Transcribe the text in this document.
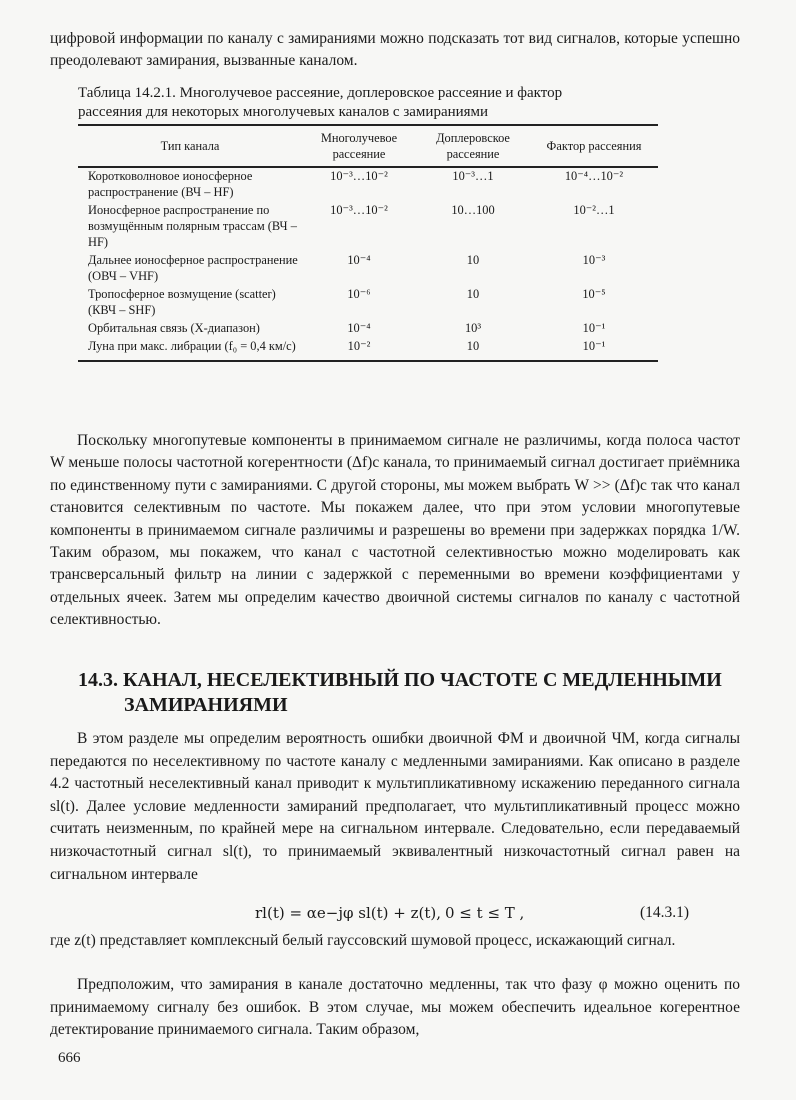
цифровой информации по каналу с замираниями можно подсказать тот вид сигналов, которые успешно преодолевают замирания, вызванные каналом.

Таблица 14.2.1. Многолучевое рассеяние, доплеровское рассеяние и фактор
рассеяния для некоторых многолучевых каналов с замираниями

Тип канала	Многолучевое рассеяние	Доплеровское рассеяние	Фактор рассеяния
Коротковолновое ионосферное распространение (ВЧ – HF)	10⁻³…10⁻²	10⁻³…1	10⁻⁴…10⁻²
Ионосферное распространение по возмущённым полярным трассам (ВЧ – HF)	10⁻³…10⁻²	10…100	10⁻²…1
Дальнее ионосферное распространение (ОВЧ – VHF)	10⁻⁴	10	10⁻³
Тропосферное возмущение (scatter) (КВЧ – SHF)	10⁻⁶	10	10⁻⁵
Орбитальная связь (X-диапазон)	10⁻⁴	10³	10⁻¹
Луна при макс. либрации (f₀ = 0,4 км/с)	10⁻²	10	10⁻¹

Поскольку многопутевые компоненты в принимаемом сигнале не различимы, когда полоса частот W меньше полосы частотной когерентности (Δf)c канала, то принимаемый сигнал достигает приёмника по единственному пути с замираниями. С другой стороны, мы можем выбрать W >> (Δf)c так что канал становится селективным по частоте. Мы покажем далее, что при этом условии многопутевые компоненты в принимаемом сигнале различимы и разрешены во времени при задержках порядка 1/W. Таким образом, мы покажем, что канал с частотной селективностью можно моделировать как трансверсальный фильтр на линии с задержкой с переменными во времени коэффициентами у отдельных ячеек. Затем мы определим качество двоичной системы сигналов по каналу с частотной селективностью.

14.3. КАНАЛ, НЕСЕЛЕКТИВНЫЙ ПО ЧАСТОТЕ С МЕДЛЕННЫМИ
ЗАМИРАНИЯМИ

В этом разделе мы определим вероятность ошибки двоичной ФМ и двоичной ЧМ, когда сигналы передаются по неселективному по частоте каналу с медленными замираниями. Как описано в разделе 4.2 частотный неселективный канал приводит к мультипликативному искажению переданного сигнала sl(t). Далее условие медленности замираний предполагает, что мультипликативный процесс можно считать неизменным, по крайней мере на сигнальном интервале. Следовательно, если передаваемый низкочастотный сигнал sl(t), то принимаемый эквивалентный низкочастотный сигнал равен на сигнальном интервале

rl(t) = αe−jφ sl(t) + z(t), 0 ≤ t ≤ T ,	(14.3.1)

где z(t) представляет комплексный белый гауссовский шумовой процесс, искажающий сигнал.

Предположим, что замирания в канале достаточно медленны, так что фазу φ можно оценить по принимаемому сигналу без ошибок. В этом случае, мы можем обеспечить идеальное когерентное детектирование принимаемого сигнала. Таким образом,

666
